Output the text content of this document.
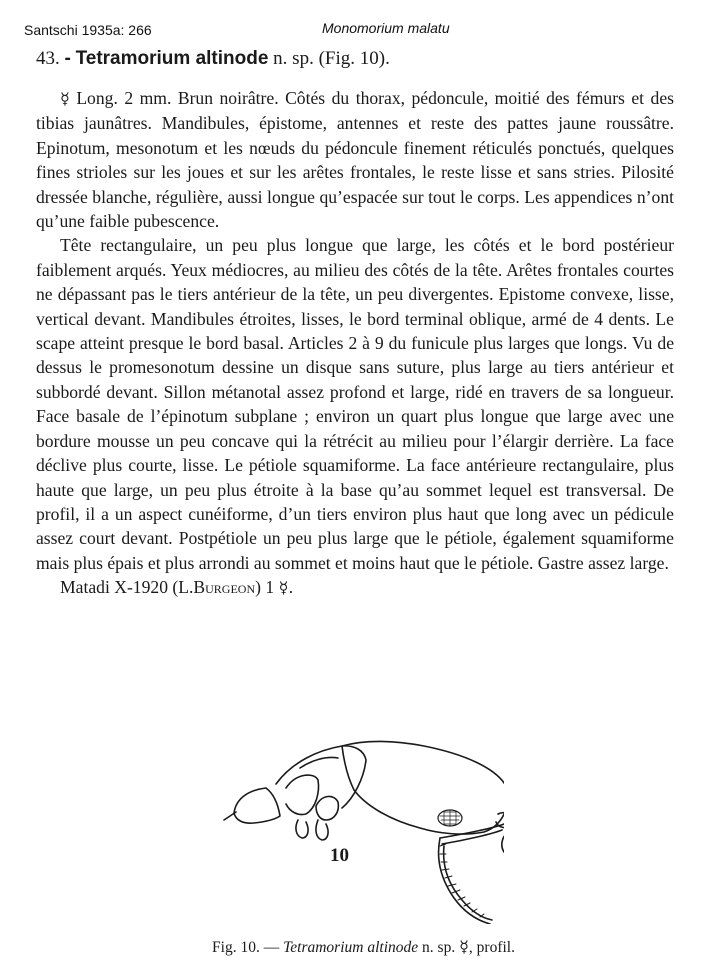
Santschi 1935a: 266	Monomorium malatu
43. - Tetramorium altinode n. sp. (Fig. 10).

☿ Long. 2 mm. Brun noirâtre. Côtés du thorax, pédoncule, moitié des fémurs et des tibias jaunâtres. Mandibules, épistome, antennes et reste des pattes jaune roussâtre. Epinotum, mesonotum et les nœuds du pédoncule finement réticulés ponctués, quelques fines strioles sur les joues et sur les arêtes frontales, le reste lisse et sans stries. Pilosité dressée blanche, régulière, aussi longue qu’espacée sur tout le corps. Les appendices n’ont qu’une faible pubescence.

Tête rectangulaire, un peu plus longue que large, les côtés et le bord postérieur faiblement arqués. Yeux médiocres, au milieu des côtés de la tête. Arêtes frontales courtes ne dépassant pas le tiers antérieur de la tête, un peu divergentes. Epistome convexe, lisse, vertical devant. Mandibules étroites, lisses, le bord terminal oblique, armé de 4 dents. Le scape atteint presque le bord basal. Articles 2 à 9 du funicule plus larges que longs. Vu de dessus le promesonotum dessine un disque sans suture, plus large au tiers antérieur et subbordé devant. Sillon métanotal assez profond et large, ridé en travers de sa longueur. Face basale de l’épinotum subplane ; environ un quart plus longue que large avec une bordure mousse un peu concave qui la rétrécit au milieu pour l’élargir derrière. La face déclive plus courte, lisse. Le pétiole squamiforme. La face antérieure rectangulaire, plus haute que large, un peu plus étroite à la base qu’au sommet lequel est transversal. De profil, il a un aspect cunéiforme, d’un tiers environ plus haut que long avec un pédicule assez court devant. Postpétiole un peu plus large que le pétiole, également squamiforme mais plus épais et plus arrondi au sommet et moins haut que le pétiole. Gastre assez large.

Matadi X-1920 (L.Burgeon) 1 ☿.

10
Fig. 10. — Tetramorium altinode n. sp. ☿, profil.
